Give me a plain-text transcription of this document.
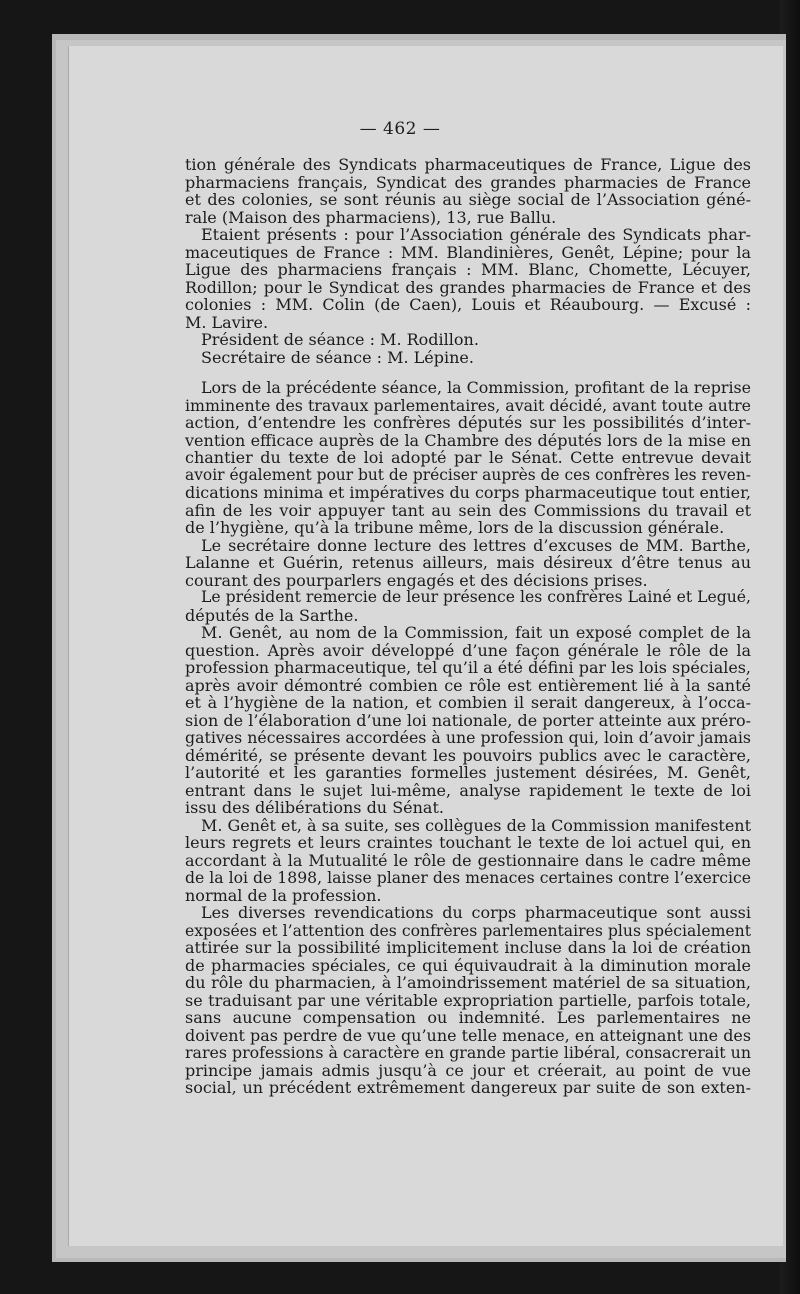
— 462 —
tion générale des Syndicats pharmaceutiques de France, Ligue des
pharmaciens français, Syndicat des grandes pharmacies de France
et des colonies, se sont réunis au siège social de l’Association géné-
rale (Maison des pharmaciens), 13, rue Ballu.
Etaient présents : pour l’Association générale des Syndicats phar-
maceutiques de France : MM. Blandinières, Genêt, Lépine; pour la
Ligue des pharmaciens français : MM. Blanc, Chomette, Lécuyer,
Rodillon; pour le Syndicat des grandes pharmacies de France et des
colonies : MM. Colin (de Caen), Louis et Réaubourg. — Excusé :
M. Lavire.
Président de séance : M. Rodillon.
Secrétaire de séance : M. Lépine.
Lors de la précédente séance, la Commission, profitant de la reprise
imminente des travaux parlementaires, avait décidé, avant toute autre
action, d’entendre les confrères députés sur les possibilités d’inter-
vention efficace auprès de la Chambre des députés lors de la mise en
chantier du texte de loi adopté par le Sénat. Cette entrevue devait
avoir également pour but de préciser auprès de ces confrères les reven-
dications minima et impératives du corps pharmaceutique tout entier,
afin de les voir appuyer tant au sein des Commissions du travail et
de l’hygiène, qu’à la tribune même, lors de la discussion générale.
Le secrétaire donne lecture des lettres d’excuses de MM. Barthe,
Lalanne et Guérin, retenus ailleurs, mais désireux d’être tenus au
courant des pourparlers engagés et des décisions prises.
Le président remercie de leur présence les confrères Lainé et Legué,
députés de la Sarthe.
M. Genêt, au nom de la Commission, fait un exposé complet de la
question. Après avoir développé d’une façon générale le rôle de la
profession pharmaceutique, tel qu’il a été défini par les lois spéciales,
après avoir démontré combien ce rôle est entièrement lié à la santé
et à l’hygiène de la nation, et combien il serait dangereux, à l’occa-
sion de l’élaboration d’une loi nationale, de porter atteinte aux préro-
gatives nécessaires accordées à une profession qui, loin d’avoir jamais
démérité, se présente devant les pouvoirs publics avec le caractère,
l’autorité et les garanties formelles justement désirées, M. Genêt,
entrant dans le sujet lui-même, analyse rapidement le texte de loi
issu des délibérations du Sénat.
M. Genêt et, à sa suite, ses collègues de la Commission manifestent
leurs regrets et leurs craintes touchant le texte de loi actuel qui, en
accordant à la Mutualité le rôle de gestionnaire dans le cadre même
de la loi de 1898, laisse planer des menaces certaines contre l’exercice
normal de la profession.
Les diverses revendications du corps pharmaceutique sont aussi
exposées et l’attention des confrères parlementaires plus spécialement
attirée sur la possibilité implicitement incluse dans la loi de création
de pharmacies spéciales, ce qui équivaudrait à la diminution morale
du rôle du pharmacien, à l’amoindrissement matériel de sa situation,
se traduisant par une véritable expropriation partielle, parfois totale,
sans aucune compensation ou indemnité. Les parlementaires ne
doivent pas perdre de vue qu’une telle menace, en atteignant une des
rares professions à caractère en grande partie libéral, consacrerait un
principe jamais admis jusqu’à ce jour et créerait, au point de vue
social, un précédent extrêmement dangereux par suite de son exten-
